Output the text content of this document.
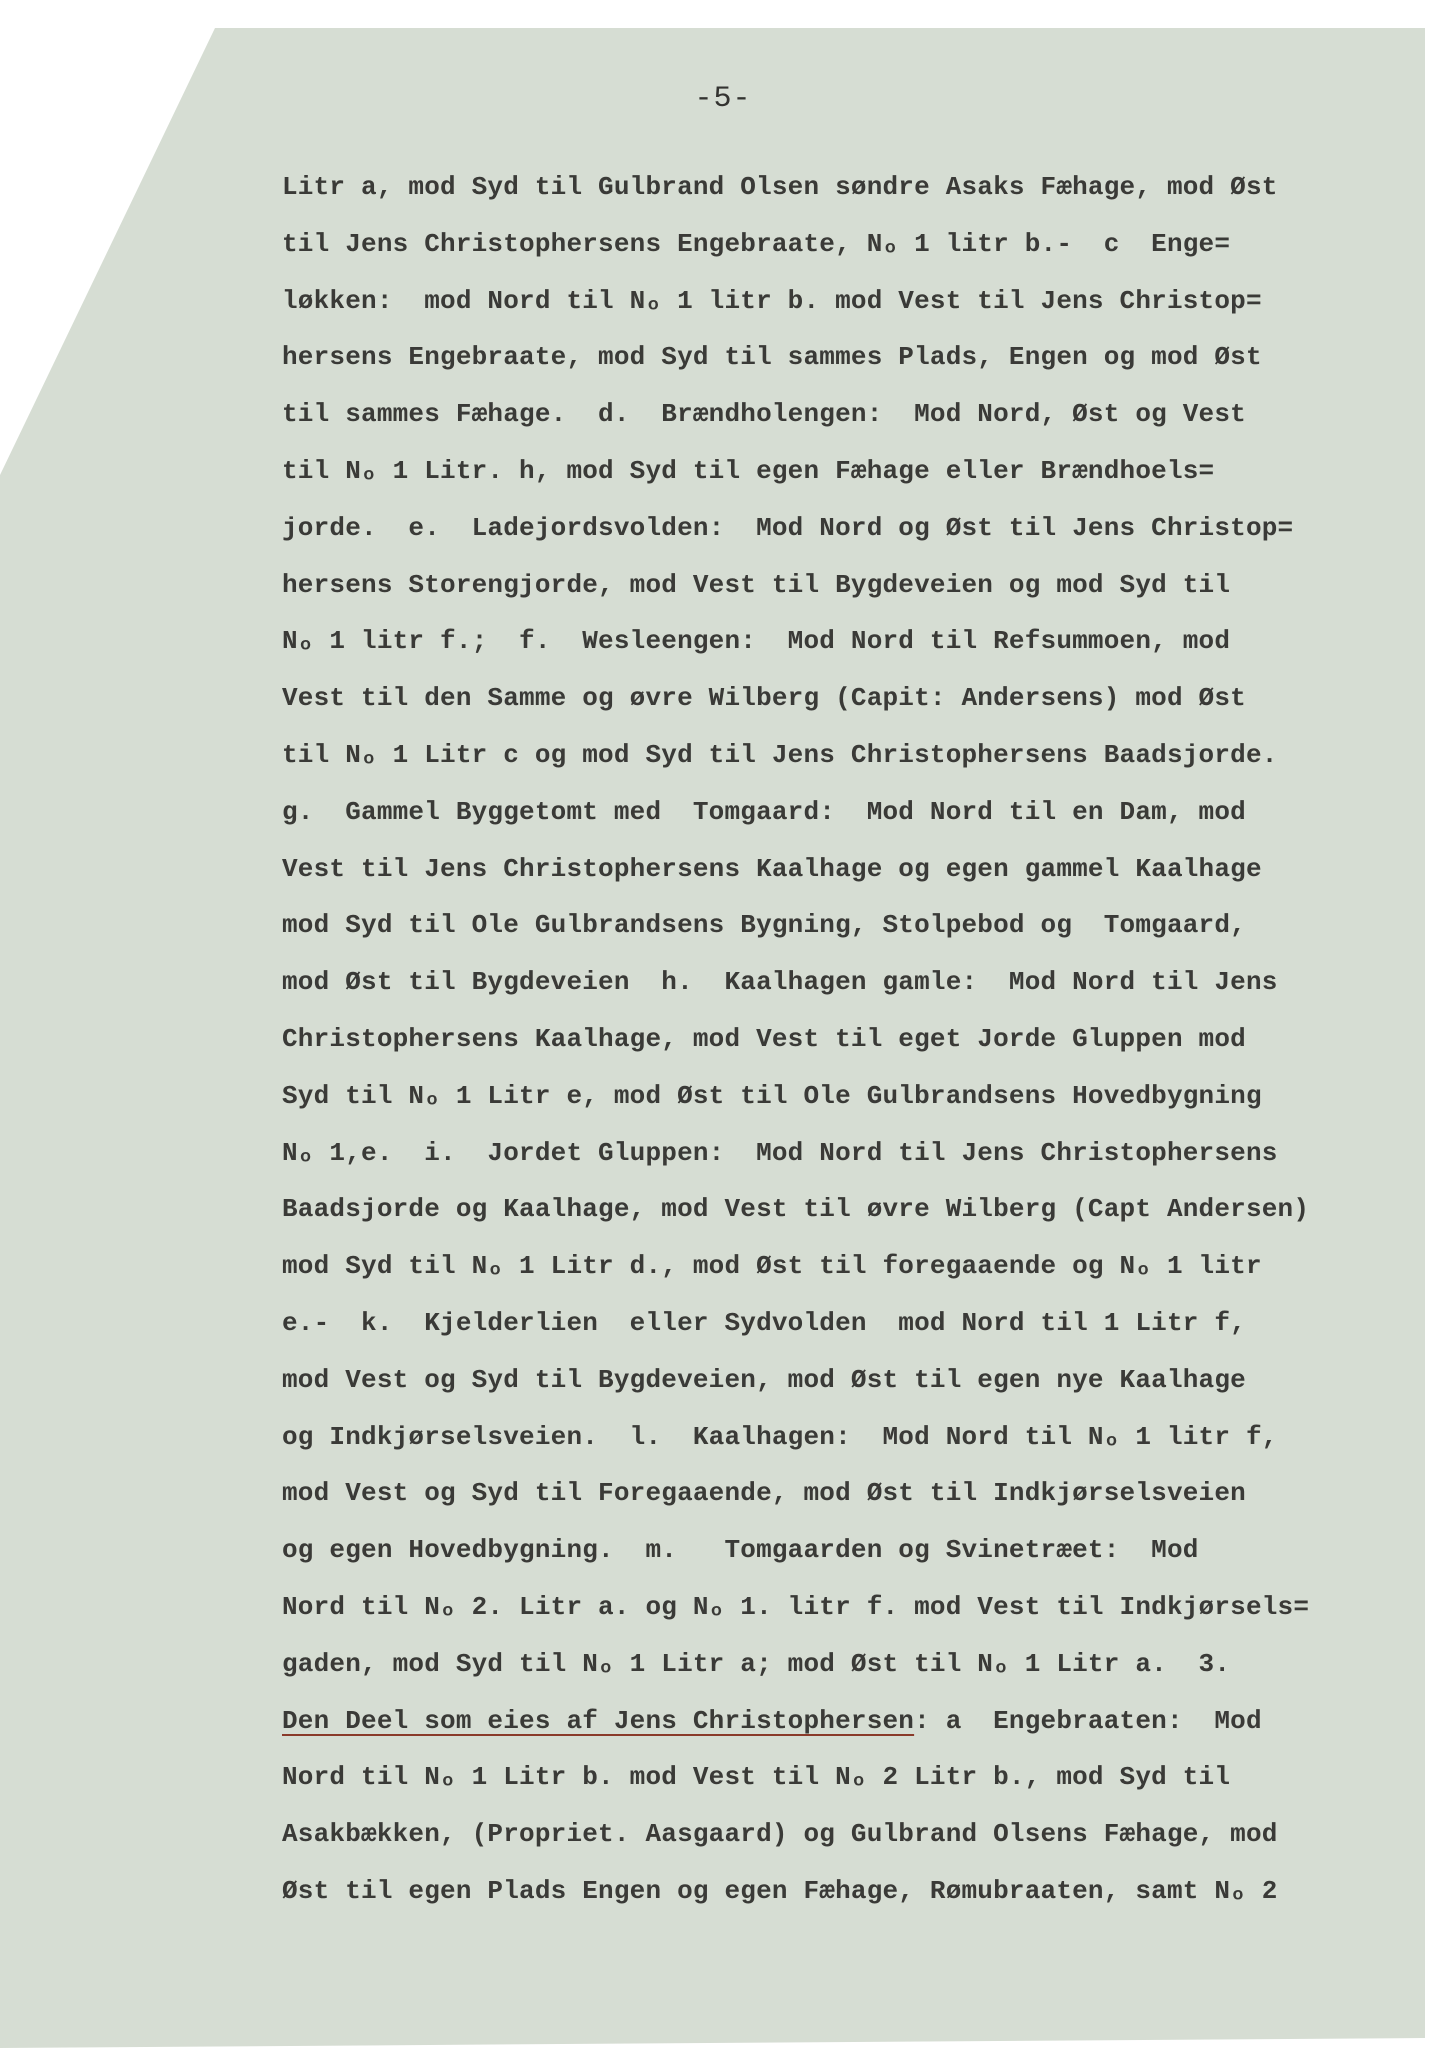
-5-
Litr a, mod Syd til Gulbrand Olsen søndre Asaks Fæhage, mod Øst
til Jens Christophersens Engebraate, Nₒ 1 litr b.-  c  Enge=
løkken:  mod Nord til Nₒ 1 litr b. mod Vest til Jens Christop=
hersens Engebraate, mod Syd til sammes Plads, Engen og mod Øst
til sammes Fæhage.  d.  Brændholengen:  Mod Nord, Øst og Vest
til Nₒ 1 Litr. h, mod Syd til egen Fæhage eller Brændhoels=
jorde.  e.  Ladejordsvolden:  Mod Nord og Øst til Jens Christop=
hersens Storengjorde, mod Vest til Bygdeveien og mod Syd til
Nₒ 1 litr f.;  f.  Wesleengen:  Mod Nord til Refsummoen, mod
Vest til den Samme og øvre Wilberg (Capit: Andersens) mod Øst
til Nₒ 1 Litr c og mod Syd til Jens Christophersens Baadsjorde.
g.  Gammel Byggetomt med  Tomgaard:  Mod Nord til en Dam, mod
Vest til Jens Christophersens Kaalhage og egen gammel Kaalhage
mod Syd til Ole Gulbrandsens Bygning, Stolpebod og  Tomgaard,
mod Øst til Bygdeveien  h.  Kaalhagen gamle:  Mod Nord til Jens
Christophersens Kaalhage, mod Vest til eget Jorde Gluppen mod
Syd til Nₒ 1 Litr e, mod Øst til Ole Gulbrandsens Hovedbygning
Nₒ 1,e.  i.  Jordet Gluppen:  Mod Nord til Jens Christophersens
Baadsjorde og Kaalhage, mod Vest til øvre Wilberg (Capt Andersen)
mod Syd til Nₒ 1 Litr d., mod Øst til foregaaende og Nₒ 1 litr
e.-  k.  Kjelderlien  eller Sydvolden  mod Nord til 1 Litr f,
mod Vest og Syd til Bygdeveien, mod Øst til egen nye Kaalhage
og Indkjørselsveien.  l.  Kaalhagen:  Mod Nord til Nₒ 1 litr f,
mod Vest og Syd til Foregaaende, mod Øst til Indkjørselsveien
og egen Hovedbygning.  m.   Tomgaarden og Svinetræet:  Mod
Nord til Nₒ 2. Litr a. og Nₒ 1. litr f. mod Vest til Indkjørsels=
gaden, mod Syd til Nₒ 1 Litr a; mod Øst til Nₒ 1 Litr a.  3.
Den Deel som eies af Jens Christophersen: a  Engebraaten:  Mod
Nord til Nₒ 1 Litr b. mod Vest til Nₒ 2 Litr b., mod Syd til
Asakbækken, (Propriet. Aasgaard) og Gulbrand Olsens Fæhage, mod
Øst til egen Plads Engen og egen Fæhage, Rømubraaten, samt Nₒ 2
